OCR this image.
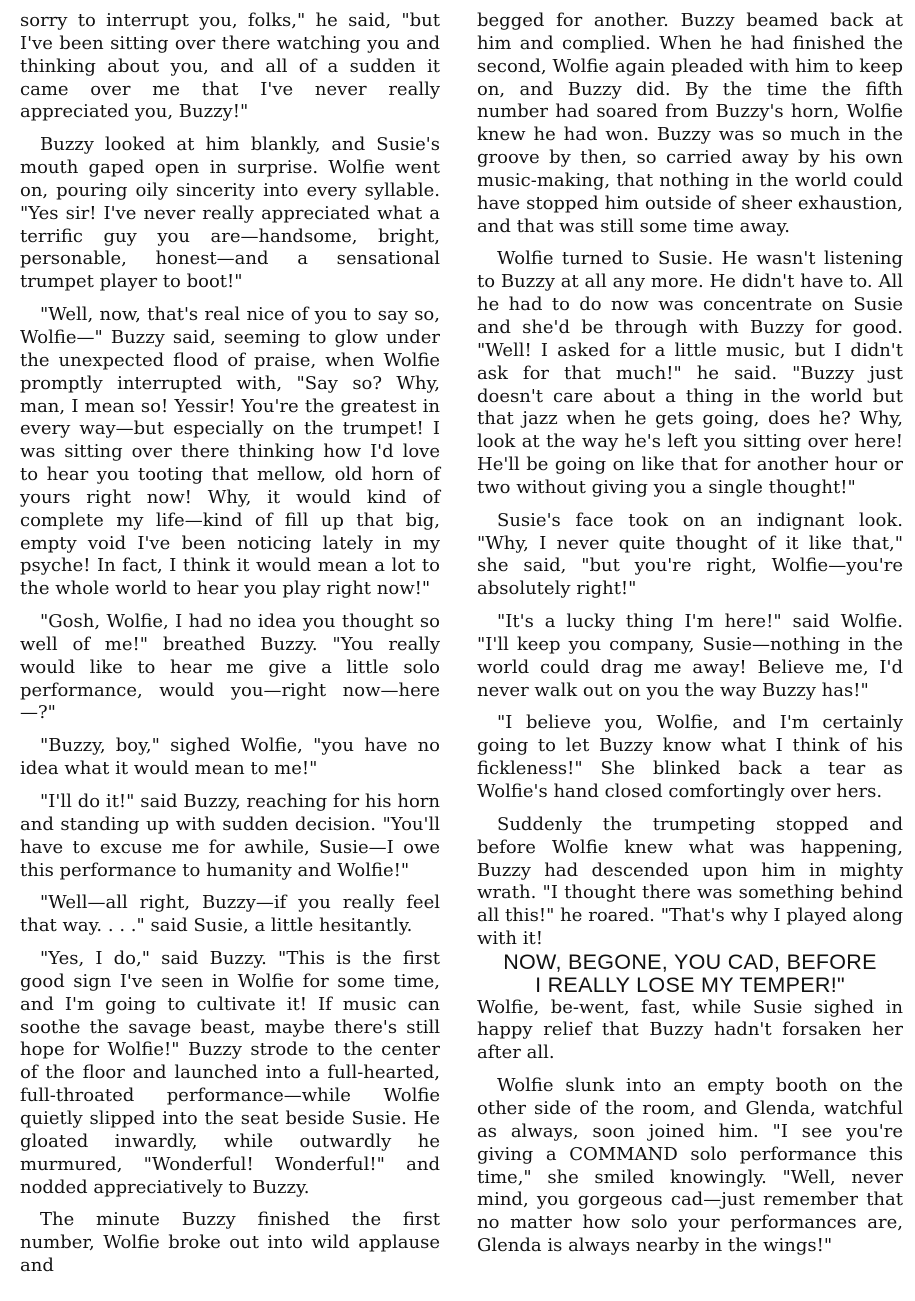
sorry to interrupt you, folks," he said, "but I've been sitting over there watching you and thinking about you, and all of a sudden it came over me that I've never really appreciated you, Buzzy!"

Buzzy looked at him blankly, and Susie's mouth gaped open in surprise. Wolfie went on, pouring oily sincerity into every syllable. "Yes sir! I've never really appreciated what a terrific guy you are—handsome, bright, personable, honest—and a sensational trumpet player to boot!"

"Well, now, that's real nice of you to say so, Wolfie—" Buzzy said, seeming to glow under the unexpected flood of praise, when Wolfie promptly interrupted with, "Say so? Why, man, I mean so! Yessir! You're the greatest in every way—but especially on the trumpet! I was sitting over there thinking how I'd love to hear you tooting that mellow, old horn of yours right now! Why, it would kind of complete my life—kind of fill up that big, empty void I've been noticing lately in my psyche! In fact, I think it would mean a lot to the whole world to hear you play right now!"

"Gosh, Wolfie, I had no idea you thought so well of me!" breathed Buzzy. "You really would like to hear me give a little solo performance, would you—right now—here—?"

"Buzzy, boy," sighed Wolfie, "you have no idea what it would mean to me!"

"I'll do it!" said Buzzy, reaching for his horn and standing up with sudden decision. "You'll have to excuse me for awhile, Susie—I owe this performance to humanity and Wolfie!"

"Well—all right, Buzzy—if you really feel that way. . . ." said Susie, a little hesitantly.

"Yes, I do," said Buzzy. "This is the first good sign I've seen in Wolfie for some time, and I'm going to cultivate it! If music can soothe the savage beast, maybe there's still hope for Wolfie!" Buzzy strode to the center of the floor and launched into a full-hearted, full-throated performance—while Wolfie quietly slipped into the seat beside Susie. He gloated inwardly, while outwardly he murmured, "Wonderful! Wonderful!" and nodded appreciatively to Buzzy.

The minute Buzzy finished the first number, Wolfie broke out into wild applause and

begged for another. Buzzy beamed back at him and complied. When he had finished the second, Wolfie again pleaded with him to keep on, and Buzzy did. By the time the fifth number had soared from Buzzy's horn, Wolfie knew he had won. Buzzy was so much in the groove by then, so carried away by his own music-making, that nothing in the world could have stopped him outside of sheer exhaustion, and that was still some time away.

Wolfie turned to Susie. He wasn't listening to Buzzy at all any more. He didn't have to. All he had to do now was concentrate on Susie and she'd be through with Buzzy for good. "Well! I asked for a little music, but I didn't ask for that much!" he said. "Buzzy just doesn't care about a thing in the world but that jazz when he gets going, does he? Why, look at the way he's left you sitting over here! He'll be going on like that for another hour or two without giving you a single thought!"

Susie's face took on an indignant look. "Why, I never quite thought of it like that," she said, "but you're right, Wolfie—you're absolutely right!"

"It's a lucky thing I'm here!" said Wolfie. "I'll keep you company, Susie—nothing in the world could drag me away! Believe me, I'd never walk out on you the way Buzzy has!"

"I believe you, Wolfie, and I'm certainly going to let Buzzy know what I think of his fickleness!" She blinked back a tear as Wolfie's hand closed comfortingly over hers.

Suddenly the trumpeting stopped and before Wolfie knew what was happening, Buzzy had descended upon him in mighty wrath. "I thought there was something behind all this!" he roared. "That's why I played along with it!

NOW, BEGONE, YOU CAD, BEFORE

I REALLY LOSE MY TEMPER!"

Wolfie, be-went, fast, while Susie sighed in happy relief that Buzzy hadn't forsaken her after all.

Wolfie slunk into an empty booth on the other side of the room, and Glenda, watchful as always, soon joined him. "I see you're giving a COMMAND solo performance this time," she smiled knowingly. "Well, never mind, you gorgeous cad—just remember that no matter how solo your performances are, Glenda is always nearby in the wings!"
